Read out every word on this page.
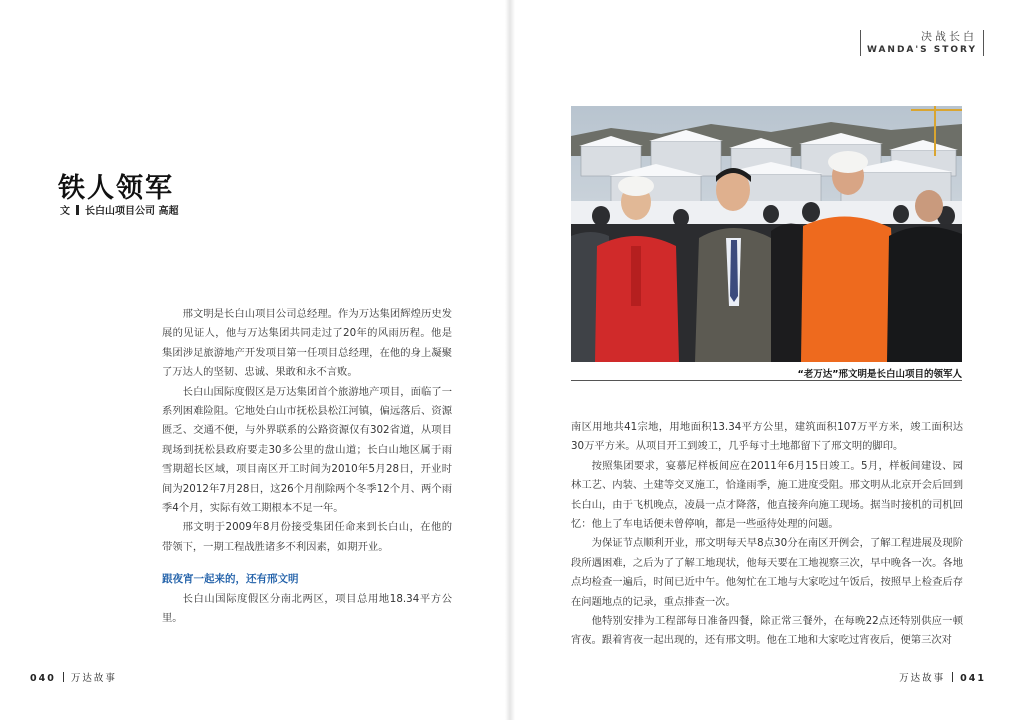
决战长白
WANDA'S STORY
铁人领军
文 长白山项目公司 高超

邢文明是长白山项目公司总经理。作为万达集团辉煌历史发展的见证人，他与万达集团共同走过了20年的风雨历程。他是集团涉足旅游地产开发项目第一任项目总经理，在他的身上凝聚了万达人的坚韧、忠诚、果敢和永不言败。

长白山国际度假区是万达集团首个旅游地产项目，面临了一系列困难险阻。它地处白山市抚松县松江河镇，偏远落后、资源匮乏、交通不便，与外界联系的公路资源仅有302省道，从项目现场到抚松县政府要走30多公里的盘山道；长白山地区属于雨雪期超长区域，项目南区开工时间为2010年5月28日，开业时间为2012年7月28日，这26个月削除两个冬季12个月、两个雨季4个月，实际有效工期根本不足一年。

邢文明于2009年8月份接受集团任命来到长白山，在他的带领下，一期工程战胜诸多不利因素，如期开业。

跟夜宵一起来的，还有邢文明

长白山国际度假区分南北两区，项目总用地18.34平方公里。

“老万达”邢文明是长白山项目的领军人

南区用地共41宗地，用地面积13.34平方公里，建筑面积107万平方米，竣工面积达30万平方米。从项目开工到竣工，几乎每寸土地都留下了邢文明的脚印。

按照集团要求，宴慕尼样板间应在2011年6月15日竣工。5月，样板间建设、园林工艺、内装、土建等交叉施工，恰逢雨季，施工进度受阻。邢文明从北京开会后回到长白山，由于飞机晚点，凌晨一点才降落，他直接奔向施工现场。据当时接机的司机回忆：他上了车电话便未曾停响，都是一些亟待处理的问题。

为保证节点顺利开业，邢文明每天早8点30分在南区开例会，了解工程进展及现阶段所遇困难，之后为了了解工地现状，他每天要在工地视察三次，早中晚各一次。各地点均检查一遍后，时间已近中午。他匆忙在工地与大家吃过午饭后，按照早上检查后存在问题地点的记录，重点排查一次。

他特别安排为工程部每日准备四餐，除正常三餐外，在每晚22点还特别供应一顿宵夜。跟着宵夜一起出现的，还有邢文明。他在工地和大家吃过宵夜后，便第三次对

040 万达故事	万达故事 041
